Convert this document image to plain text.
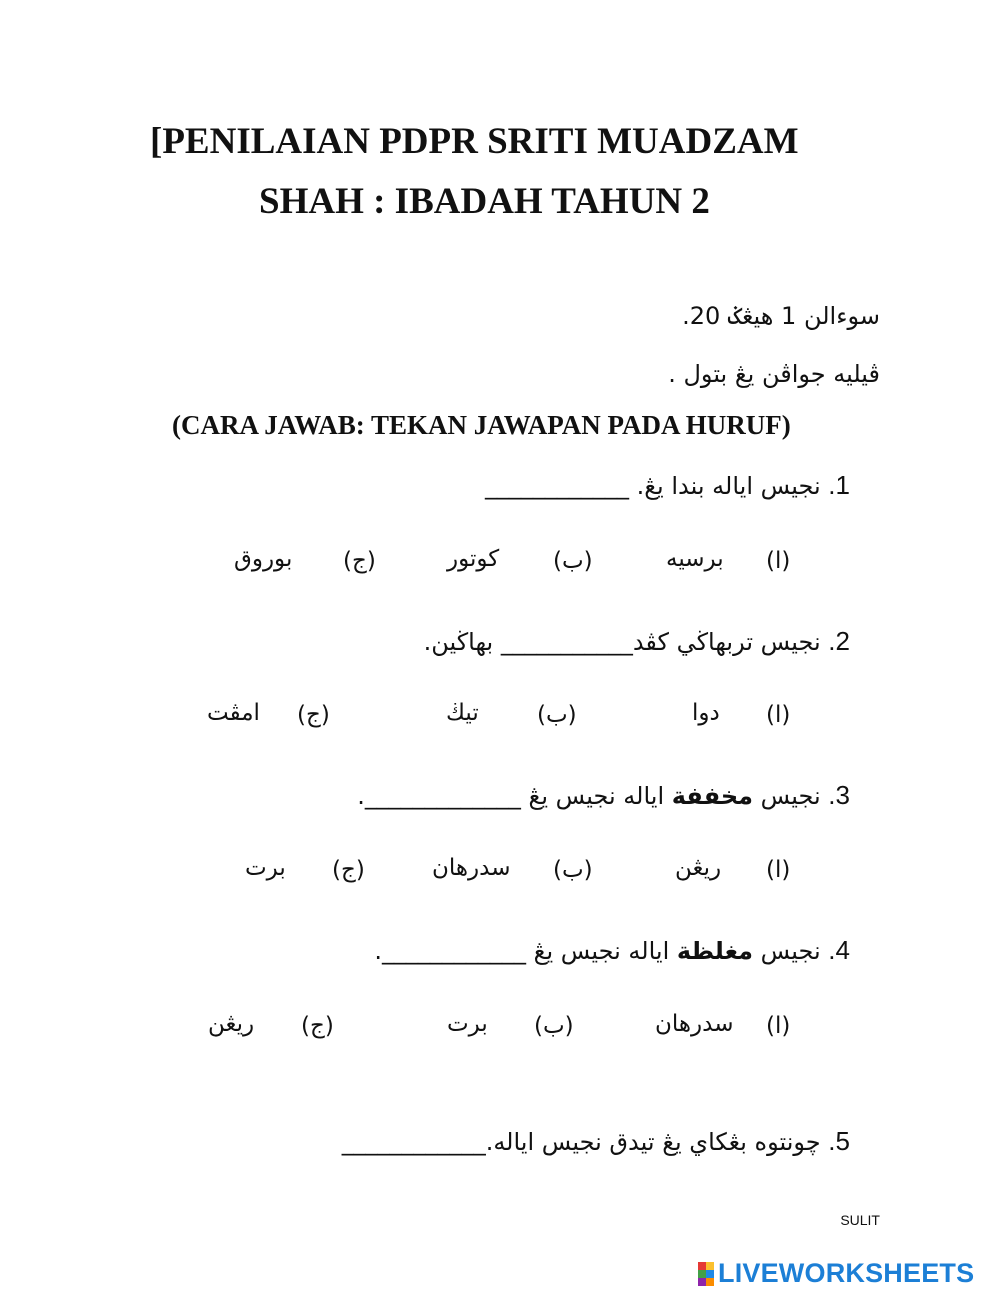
[PENILAIAN PDPR SRITI MUADZAM
SHAH : IBADAH TAHUN 2
سوءالن 1 هيڠݢ 20.
ڤيليه جواڤن يڠ بتول .
(CARA JAWAB: TEKAN JAWAPAN PADA HURUF)
1. نجيس اياله بندا يڠ. ____________
(ا)
برسيه
(ب)
كوتور
(ج)
بوروق
2. نجيس تربهاڬي كڤد___________ بهاڬين.
(ا)
دوا
(ب)
تيڬ
(ج)
امڤت
3. نجيس مخففة اياله نجيس يڠ _____________.
(ا)
ريڠن
(ب)
سدرهان
(ج)
برت
4. نجيس مغلظة اياله نجيس يڠ ____________.
(ا)
سدرهان
(ب)
برت
(ج)
ريڠن
5. چونتوه بڠكاي يڠ تيدق نجيس اياله.____________
SULIT
LIVEWORKSHEETS
